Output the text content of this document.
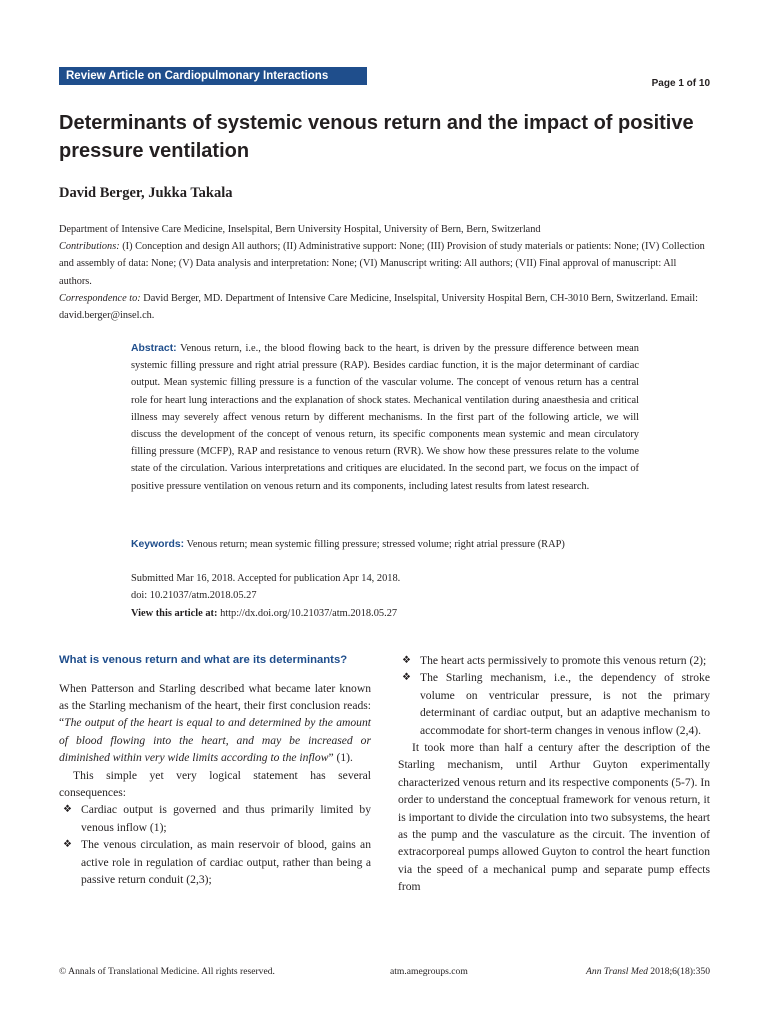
Review Article on Cardiopulmonary Interactions
Page 1 of 10
Determinants of systemic venous return and the impact of positive pressure ventilation
David Berger, Jukka Takala

Department of Intensive Care Medicine, Inselspital, Bern University Hospital, University of Bern, Bern, Switzerland

Contributions: (I) Conception and design All authors; (II) Administrative support: None; (III) Provision of study materials or patients: None; (IV) Collection and assembly of data: None; (V) Data analysis and interpretation: None; (VI) Manuscript writing: All authors; (VII) Final approval of manuscript: All authors.

Correspondence to: David Berger, MD. Department of Intensive Care Medicine, Inselspital, University Hospital Bern, CH-3010 Bern, Switzerland. Email: david.berger@insel.ch.

Abstract: Venous return, i.e., the blood flowing back to the heart, is driven by the pressure difference between mean systemic filling pressure and right atrial pressure (RAP). Besides cardiac function, it is the major determinant of cardiac output. Mean systemic filling pressure is a function of the vascular volume. The concept of venous return has a central role for heart lung interactions and the explanation of shock states. Mechanical ventilation during anaesthesia and critical illness may severely affect venous return by different mechanisms. In the first part of the following article, we will discuss the development of the concept of venous return, its specific components mean systemic and mean circulatory filling pressure (MCFP), RAP and resistance to venous return (RVR). We show how these pressures relate to the volume state of the circulation. Various interpretations and critiques are elucidated. In the second part, we focus on the impact of positive pressure ventilation on venous return and its components, including latest results from latest research.

Keywords: Venous return; mean systemic filling pressure; stressed volume; right atrial pressure (RAP)

Submitted Mar 16, 2018. Accepted for publication Apr 14, 2018.

doi: 10.21037/atm.2018.05.27

View this article at: http://dx.doi.org/10.21037/atm.2018.05.27

What is venous return and what are its determinants?

When Patterson and Starling described what became later known as the Starling mechanism of the heart, their first conclusion reads: “The output of the heart is equal to and determined by the amount of blood flowing into the heart, and may be increased or diminished within very wide limits according to the inflow” (1).

This simple yet very logical statement has several consequences:

❖ Cardiac output is governed and thus primarily limited by venous inflow (1);
❖ The venous circulation, as main reservoir of blood, gains an active role in regulation of cardiac output, rather than being a passive return conduit (2,3);
❖ The heart acts permissively to promote this venous return (2);
❖ The Starling mechanism, i.e., the dependency of stroke volume on ventricular pressure, is not the primary determinant of cardiac output, but an adaptive mechanism to accommodate for short-term changes in venous inflow (2,4).

It took more than half a century after the description of the Starling mechanism, until Arthur Guyton experimentally characterized venous return and its respective components (5-7). In order to understand the conceptual framework for venous return, it is important to divide the circulation into two subsystems, the heart as the pump and the vasculature as the circuit. The invention of extracorporeal pumps allowed Guyton to control the heart function via the speed of a mechanical pump and separate pump effects from

© Annals of Translational Medicine. All rights reserved.	atm.amegroups.com	Ann Transl Med 2018;6(18):350
